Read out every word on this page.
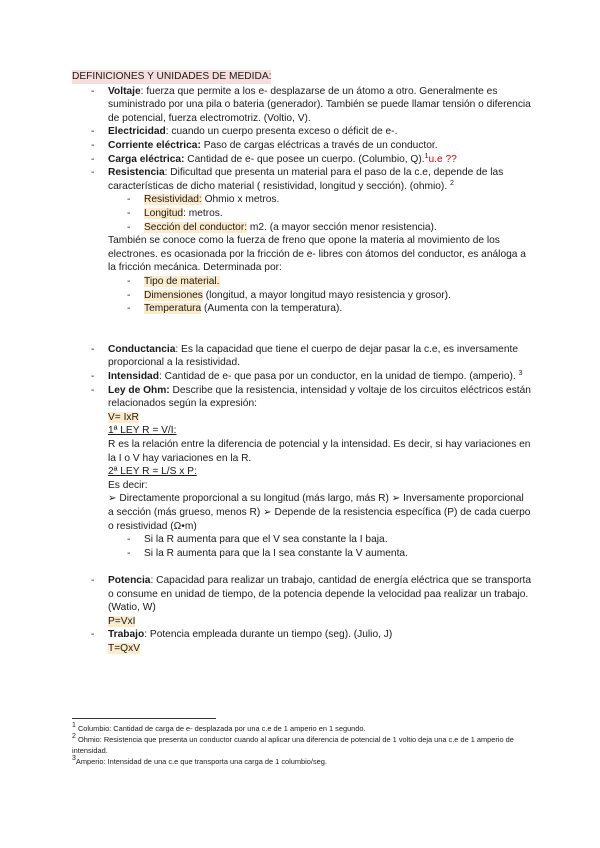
DEFINICIONES Y UNIDADES DE MEDIDA:
- Voltaje: fuerza que permite a los e- desplazarse de un átomo a otro. Generalmente es suministrado por una pila o bateria (generador). También se puede llamar tensión o diferencia de potencial, fuerza electromotriz. (Voltio, V).
- Electricidad: cuando un cuerpo presenta exceso o déficit de e-.
- Corriente eléctrica: Paso de cargas eléctricas a través de un conductor.
- Carga eléctrica: Cantidad de e- que posee un cuerpo. (Columbio, Q).$^1$u.e ??
- Resistencia: Dificultad que presenta un material para el paso de la c.e, depende de las características de dicho material ( resistividad, longitud y sección). (ohmio). $^2$
- Resistividad: Ohmio x metros.
- Longitud: metros.
- Sección del conductor: m2. (a mayor sección menor resistencia).
También se conoce como la fuerza de freno que opone la materia al movimiento de los electrones. es ocasionada por la fricción de e- libres con átomos del conductor, es análoga a la fricción mecánica. Determinada por:
- Tipo de material.
- Dimensiones (longitud, a mayor longitud mayo resistencia y grosor).
- Temperatura (Aumenta con la temperatura).
- Conductancia: Es la capacidad que tiene el cuerpo de dejar pasar la c.e, es inversamente proporcional a la resistividad.
- Intensidad: Cantidad de e- que pasa por un conductor, en la unidad de tiempo. (amperio). $^3$
- Ley de Ohm: Describe que la resistencia, intensidad y voltaje de los circuitos eléctricos están relacionados según la expresión:
V= IxR
1ª LEY R = V/I:
R es la relación entre la diferencia de potencial y la intensidad. Es decir, si hay variaciones en la I o V hay variaciones en la R.
2ª LEY R = L/S x P:
Es decir:
➢ Directamente proporcional a su longitud (más largo, más R) ➢ Inversamente proporcional a sección (más grueso, menos R) ➢ Depende de la resistencia específica (P) de cada cuerpo o resistividad (Ω•m)
- Si la R aumenta para que el V sea constante la I baja.
- Si la R aumenta para que la I sea constante la V aumenta.
- Potencia: Capacidad para realizar un trabajo, cantidad de energía eléctrica que se transporta o consume en unidad de tiempo, de la potencia depende la velocidad paa realizar un trabajo. (Watio, W)
P=VxI
- Trabajo: Potencia empleada durante un tiempo (seg). (Julio, J)
T=QxV
$^1$ Columbio: Cantidad de carga de e- desplazada por una c.e de 1 amperio en 1 segundo.
$^2$ Ohmio: Resistencia que presenta un conductor cuando al aplicar una diferencia de potencial de 1 voltio deja una c.e de 1 amperio de intensidad.
$^3$Amperio: Intensidad de una c.e que transporta una carga de 1 columbio/seg.
